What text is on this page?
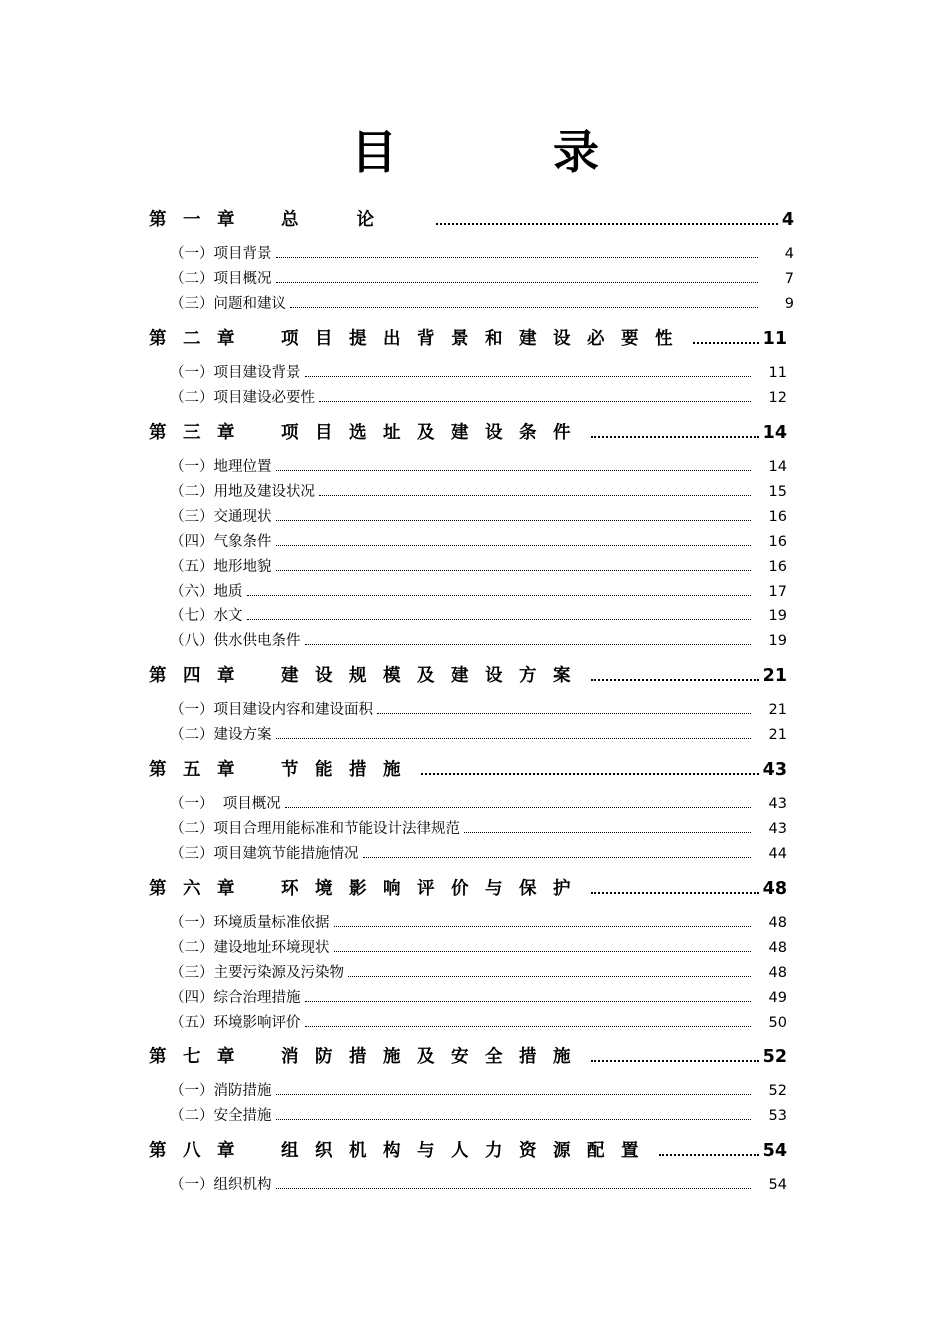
目 录
第 一 章	总论	4
（一）项目背景	4
（二）项目概况	7
（三）问题和建议	9
第 二 章	项目提出背景和建设必要性	11
（一）项目建设背景	11
（二）项目建设必要性	12
第 三 章	项目选址及建设条件	14
（一）地理位置	14
（二）用地及建设状况	15
（三）交通现状	16
（四）气象条件	16
（五）地形地貌	16
（六）地质	17
（七）水文	19
（八）供水供电条件	19
第 四 章	建设规模及建设方案	21
（一）项目建设内容和建设面积	21
（二）建设方案	21
第 五 章	节能措施	43
（一）  项目概况	43
（二）项目合理用能标准和节能设计法律规范	43
（三）项目建筑节能措施情况	44
第 六 章	环境影响评价与保护	48
（一）环境质量标准依据	48
（二）建设地址环境现状	48
（三）主要污染源及污染物	48
（四）综合治理措施	49
（五）环境影响评价	50
第 七 章	消防措施及安全措施	52
（一）消防措施	52
（二）安全措施	53
第 八 章	组织机构与人力资源配置	54
（一）组织机构	54
